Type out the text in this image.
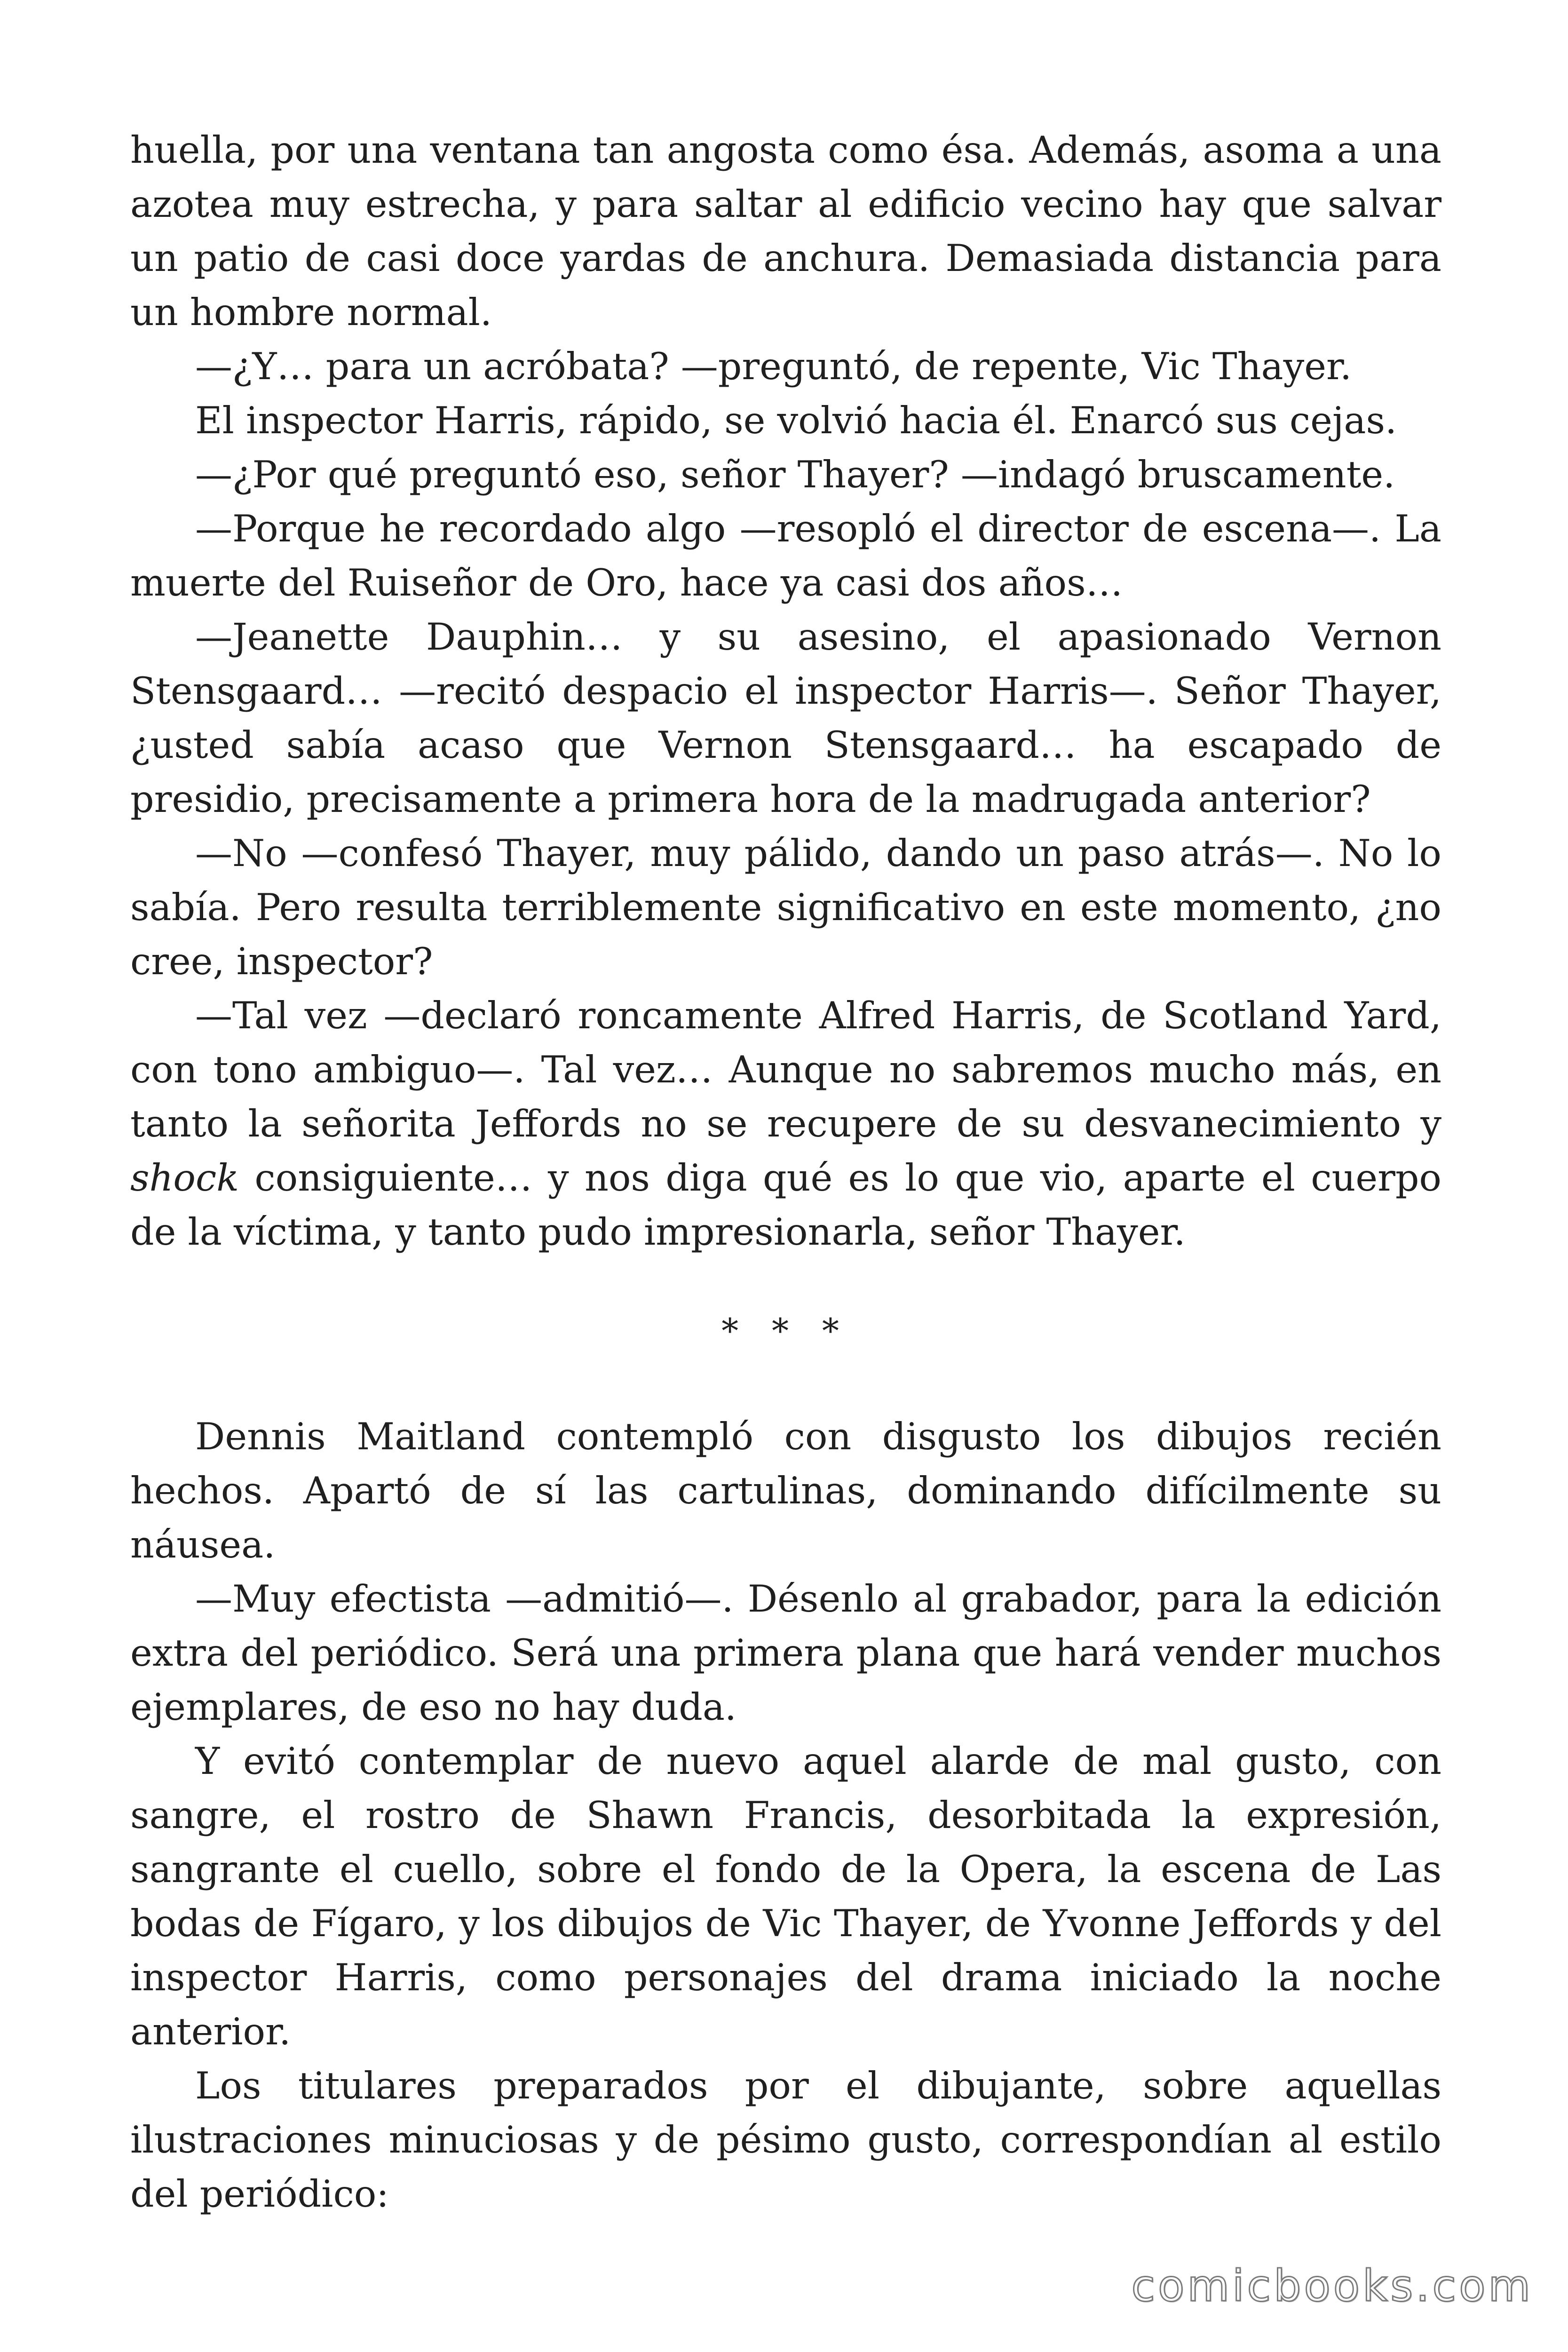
huella, por una ventana tan angosta como ésa. Además, asoma a una azotea muy estrecha, y para saltar al edificio vecino hay que salvar un patio de casi doce yardas de anchura. Demasiada distancia para un hombre normal.

—¿Y… para un acróbata? —preguntó, de repente, Vic Thayer.

El inspector Harris, rápido, se volvió hacia él. Enarcó sus cejas.

—¿Por qué preguntó eso, señor Thayer? —indagó bruscamente.

—Porque he recordado algo —resopló el director de escena—. La muerte del Ruiseñor de Oro, hace ya casi dos años…

—Jeanette Dauphin… y su asesino, el apasionado Vernon Stensgaard… —recitó despacio el inspector Harris—. Señor Thayer, ¿usted sabía acaso que Vernon Stensgaard… ha escapado de presidio, precisamente a primera hora de la madrugada anterior?

—No —confesó Thayer, muy pálido, dando un paso atrás—. No lo sabía. Pero resulta terriblemente significativo en este momento, ¿no cree, inspector?

—Tal vez —declaró roncamente Alfred Harris, de Scotland Yard, con tono ambiguo—. Tal vez… Aunque no sabremos mucho más, en tanto la señorita Jeffords no se recupere de su desvanecimiento y shock consiguiente… y nos diga qué es lo que vio, aparte el cuerpo de la víctima, y tanto pudo impresionarla, señor Thayer.

* * *

Dennis Maitland contempló con disgusto los dibujos recién hechos. Apartó de sí las cartulinas, dominando difícilmente su náusea.

—Muy efectista —admitió—. Désenlo al grabador, para la edición extra del periódico. Será una primera plana que hará vender muchos ejemplares, de eso no hay duda.

Y evitó contemplar de nuevo aquel alarde de mal gusto, con sangre, el rostro de Shawn Francis, desorbitada la expresión, sangrante el cuello, sobre el fondo de la Opera, la escena de Las bodas de Fígaro, y los dibujos de Vic Thayer, de Yvonne Jeffords y del inspector Harris, como personajes del drama iniciado la noche anterior.

Los titulares preparados por el dibujante, sobre aquellas ilustraciones minuciosas y de pésimo gusto, correspondían al estilo del periódico:

comicbooks.com
